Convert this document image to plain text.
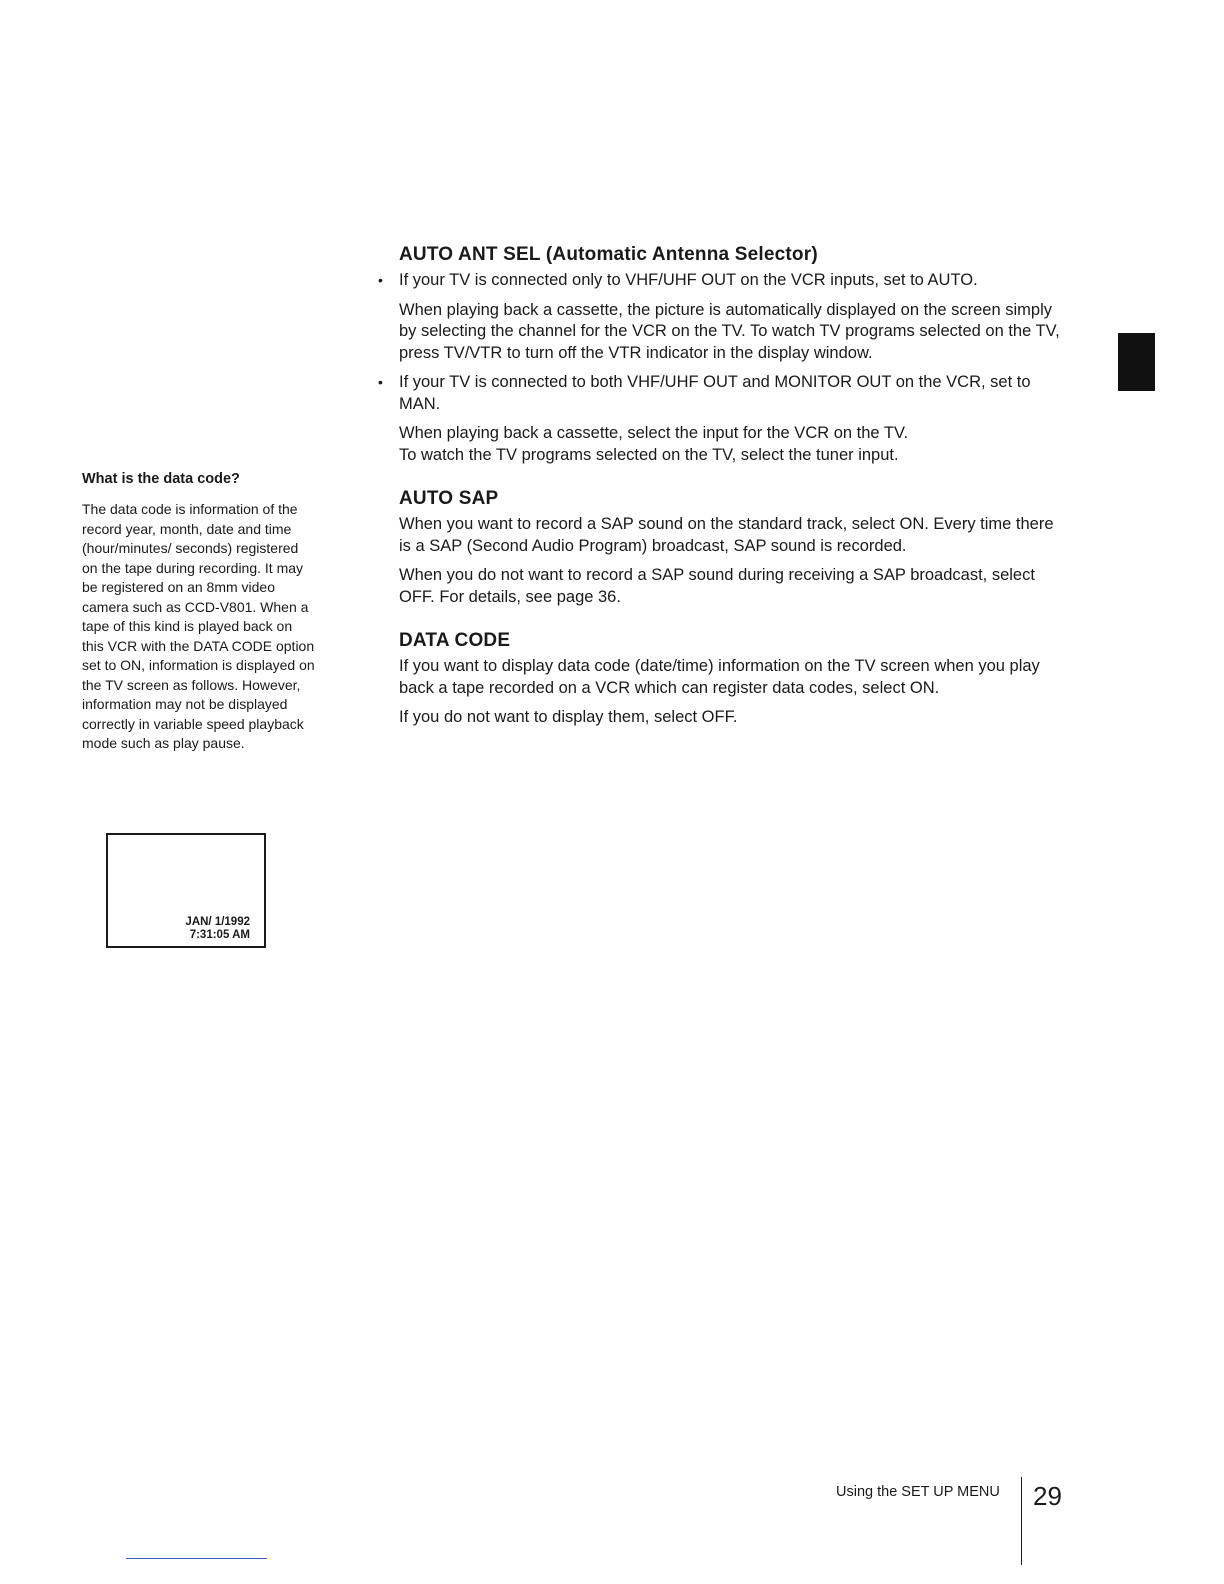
What is the data code?

The data code is information of the record year, month, date and time (hour/minutes/ seconds) registered on the tape during recording. It may be registered on an 8mm video camera such as CCD-V801. When a tape of this kind is played back on this VCR with the DATA CODE option set to ON, information is displayed on the TV screen as follows. However, information may not be displayed correctly in variable speed playback mode such as play pause.

JAN/ 1/1992
7:31:05 AM
AUTO ANT SEL (Automatic Antenna Selector)

• If your TV is connected only to VHF/UHF OUT on the VCR inputs, set to AUTO.

When playing back a cassette, the picture is automatically displayed on the screen simply by selecting the channel for the VCR on the TV. To watch TV programs selected on the TV, press TV/VTR to turn off the VTR indicator in the display window.

• If your TV is connected to both VHF/UHF OUT and MONITOR OUT on the VCR, set to MAN.

When playing back a cassette, select the input for the VCR on the TV.

To watch the TV programs selected on the TV, select the tuner input.

AUTO SAP

When you want to record a SAP sound on the standard track, select ON. Every time there is a SAP (Second Audio Program) broadcast, SAP sound is recorded.

When you do not want to record a SAP sound during receiving a SAP broadcast, select OFF. For details, see page 36.

DATA CODE

If you want to display data code (date/time) information on the TV screen when you play back a tape recorded on a VCR which can register data codes, select ON.

If you do not want to display them, select OFF.

Using the SET UP MENU 29
